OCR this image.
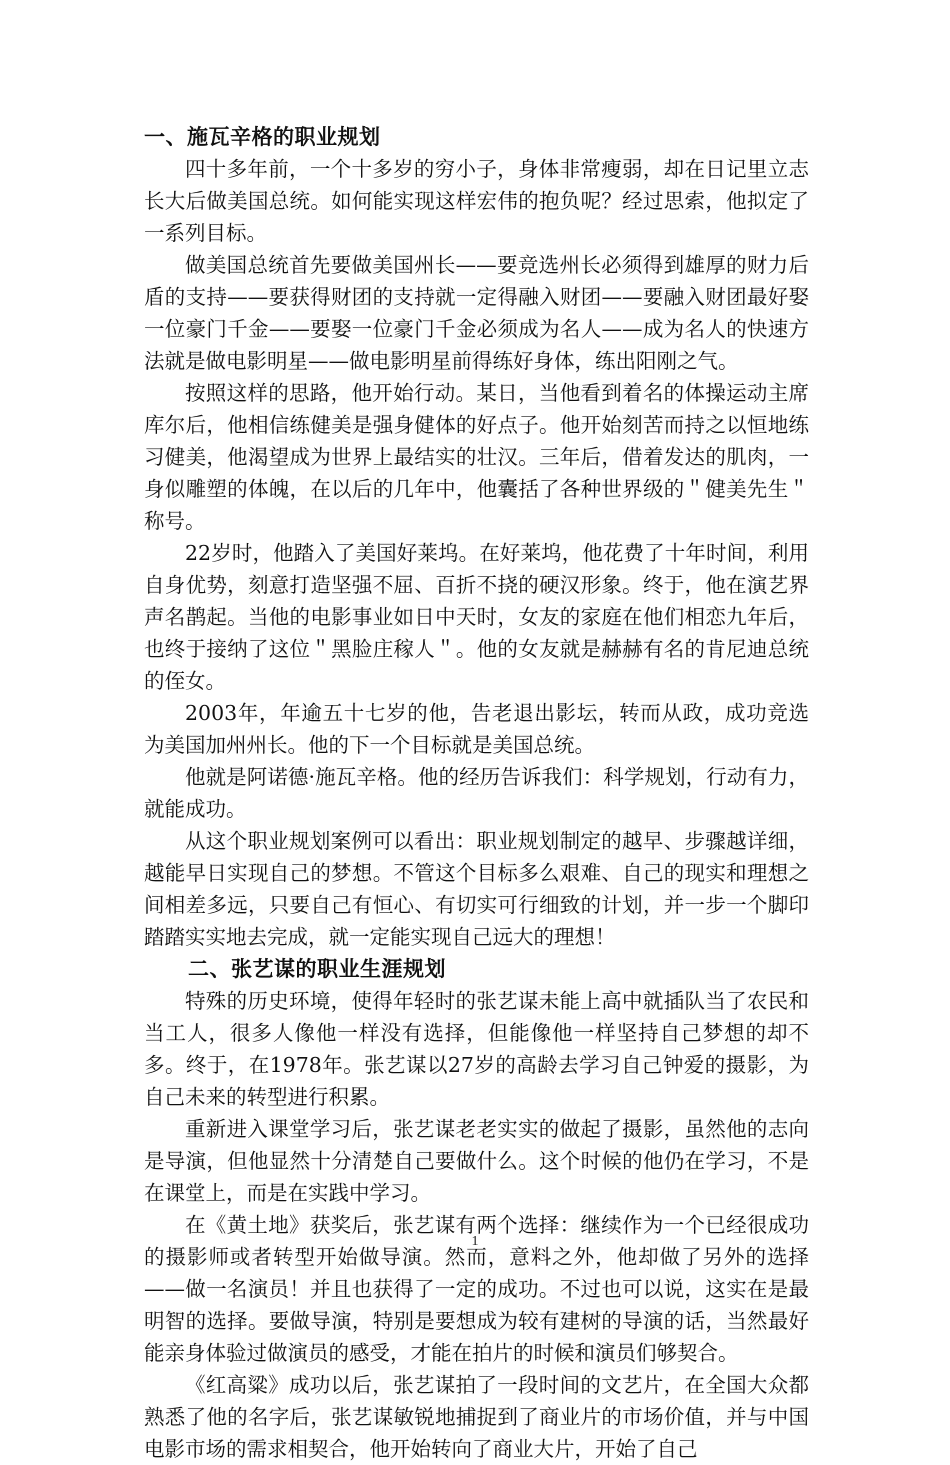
一、施瓦辛格的职业规划

四十多年前，一个十多岁的穷小子，身体非常瘦弱，却在日记里立志长大后做美国总统。如何能实现这样宏伟的抱负呢？经过思索，他拟定了一系列目标。

做美国总统首先要做美国州长——要竞选州长必须得到雄厚的财力后盾的支持——要获得财团的支持就一定得融入财团——要融入财团最好娶一位豪门千金——要娶一位豪门千金必须成为名人——成为名人的快速方法就是做电影明星——做电影明星前得练好身体，练出阳刚之气。

按照这样的思路，他开始行动。某日，当他看到着名的体操运动主席库尔后，他相信练健美是强身健体的好点子。他开始刻苦而持之以恒地练习健美，他渴望成为世界上最结实的壮汉。三年后，借着发达的肌肉，一身似雕塑的体魄，在以后的几年中，他囊括了各种世界级的＂健美先生＂称号。

22岁时，他踏入了美国好莱坞。在好莱坞，他花费了十年时间，利用自身优势，刻意打造坚强不屈、百折不挠的硬汉形象。终于，他在演艺界声名鹊起。当他的电影事业如日中天时，女友的家庭在他们相恋九年后，也终于接纳了这位＂黑脸庄稼人＂。他的女友就是赫赫有名的肯尼迪总统的侄女。

2003年，年逾五十七岁的他，告老退出影坛，转而从政，成功竞选为美国加州州长。他的下一个目标就是美国总统。

他就是阿诺德·施瓦辛格。他的经历告诉我们：科学规划，行动有力，就能成功。

从这个职业规划案例可以看出：职业规划制定的越早、步骤越详细，越能早日实现自己的梦想。不管这个目标多么艰难、自己的现实和理想之间相差多远，只要自己有恒心、有切实可行细致的计划，并一步一个脚印踏踏实实地去完成，就一定能实现自己远大的理想！

二、张艺谋的职业生涯规划

特殊的历史环境，使得年轻时的张艺谋未能上高中就插队当了农民和当工人，很多人像他一样没有选择，但能像他一样坚持自己梦想的却不多。终于，在1978年。张艺谋以27岁的高龄去学习自己钟爱的摄影，为自己未来的转型进行积累。

重新进入课堂学习后，张艺谋老老实实的做起了摄影，虽然他的志向是导演，但他显然十分清楚自己要做什么。这个时候的他仍在学习，不是在课堂上，而是在实践中学习。

在《黄土地》获奖后，张艺谋有两个选择：继续作为一个已经很成功的摄影师或者转型开始做导演。然而，意料之外，他却做了另外的选择——做一名演员！并且也获得了一定的成功。不过也可以说，这实在是最明智的选择。要做导演，特别是要想成为较有建树的导演的话，当然最好能亲身体验过做演员的感受，才能在拍片的时候和演员们够契合。

《红高粱》成功以后，张艺谋拍了一段时间的文艺片，在全国大众都熟悉了他的名字后，张艺谋敏锐地捕捉到了商业片的市场价值，并与中国电影市场的需求相契合，他开始转向了商业大片，开始了自己

1
